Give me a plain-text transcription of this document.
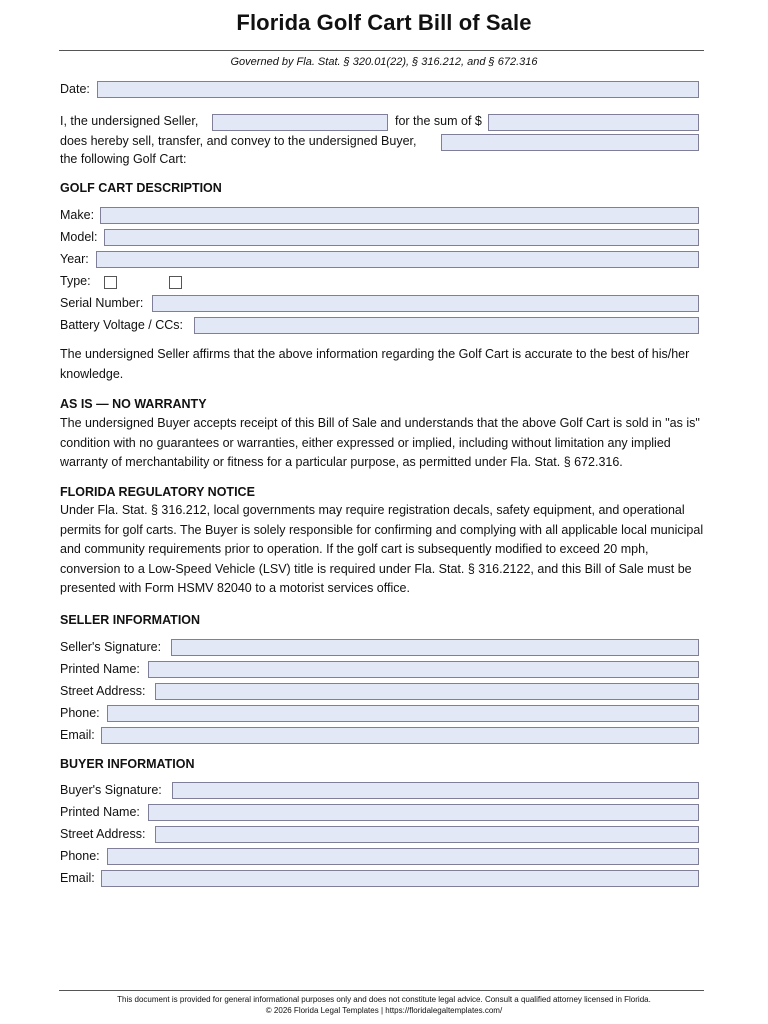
Florida Golf Cart Bill of Sale
Governed by Fla. Stat. § 320.01(22), § 316.212, and § 672.316
Date:
I, the undersigned Seller,	for the sum of $
does hereby sell, transfer, and convey to the undersigned Buyer,
the following Golf Cart:
GOLF CART DESCRIPTION
Make:
Model:
Year:
Type:
Serial Number:
Battery Voltage / CCs:
The undersigned Seller affirms that the above information regarding the Golf Cart is accurate to the best of his/her knowledge.
AS IS — NO WARRANTY
The undersigned Buyer accepts receipt of this Bill of Sale and understands that the above Golf Cart is sold in "as is" condition with no guarantees or warranties, either expressed or implied, including without limitation any implied warranty of merchantability or fitness for a particular purpose, as permitted under Fla. Stat. § 672.316.
FLORIDA REGULATORY NOTICE
Under Fla. Stat. § 316.212, local governments may require registration decals, safety equipment, and operational permits for golf carts. The Buyer is solely responsible for confirming and complying with all applicable local municipal and community requirements prior to operation. If the golf cart is subsequently modified to exceed 20 mph, conversion to a Low-Speed Vehicle (LSV) title is required under Fla. Stat. § 316.2122, and this Bill of Sale must be presented with Form HSMV 82040 to a motorist services office.
SELLER INFORMATION
Seller's Signature:
Printed Name:
Street Address:
Phone:
Email:
BUYER INFORMATION
Buyer's Signature:
Printed Name:
Street Address:
Phone:
Email:
This document is provided for general informational purposes only and does not constitute legal advice. Consult a qualified attorney licensed in Florida.
© 2026 Florida Legal Templates | https://floridalegaltemplates.com/
